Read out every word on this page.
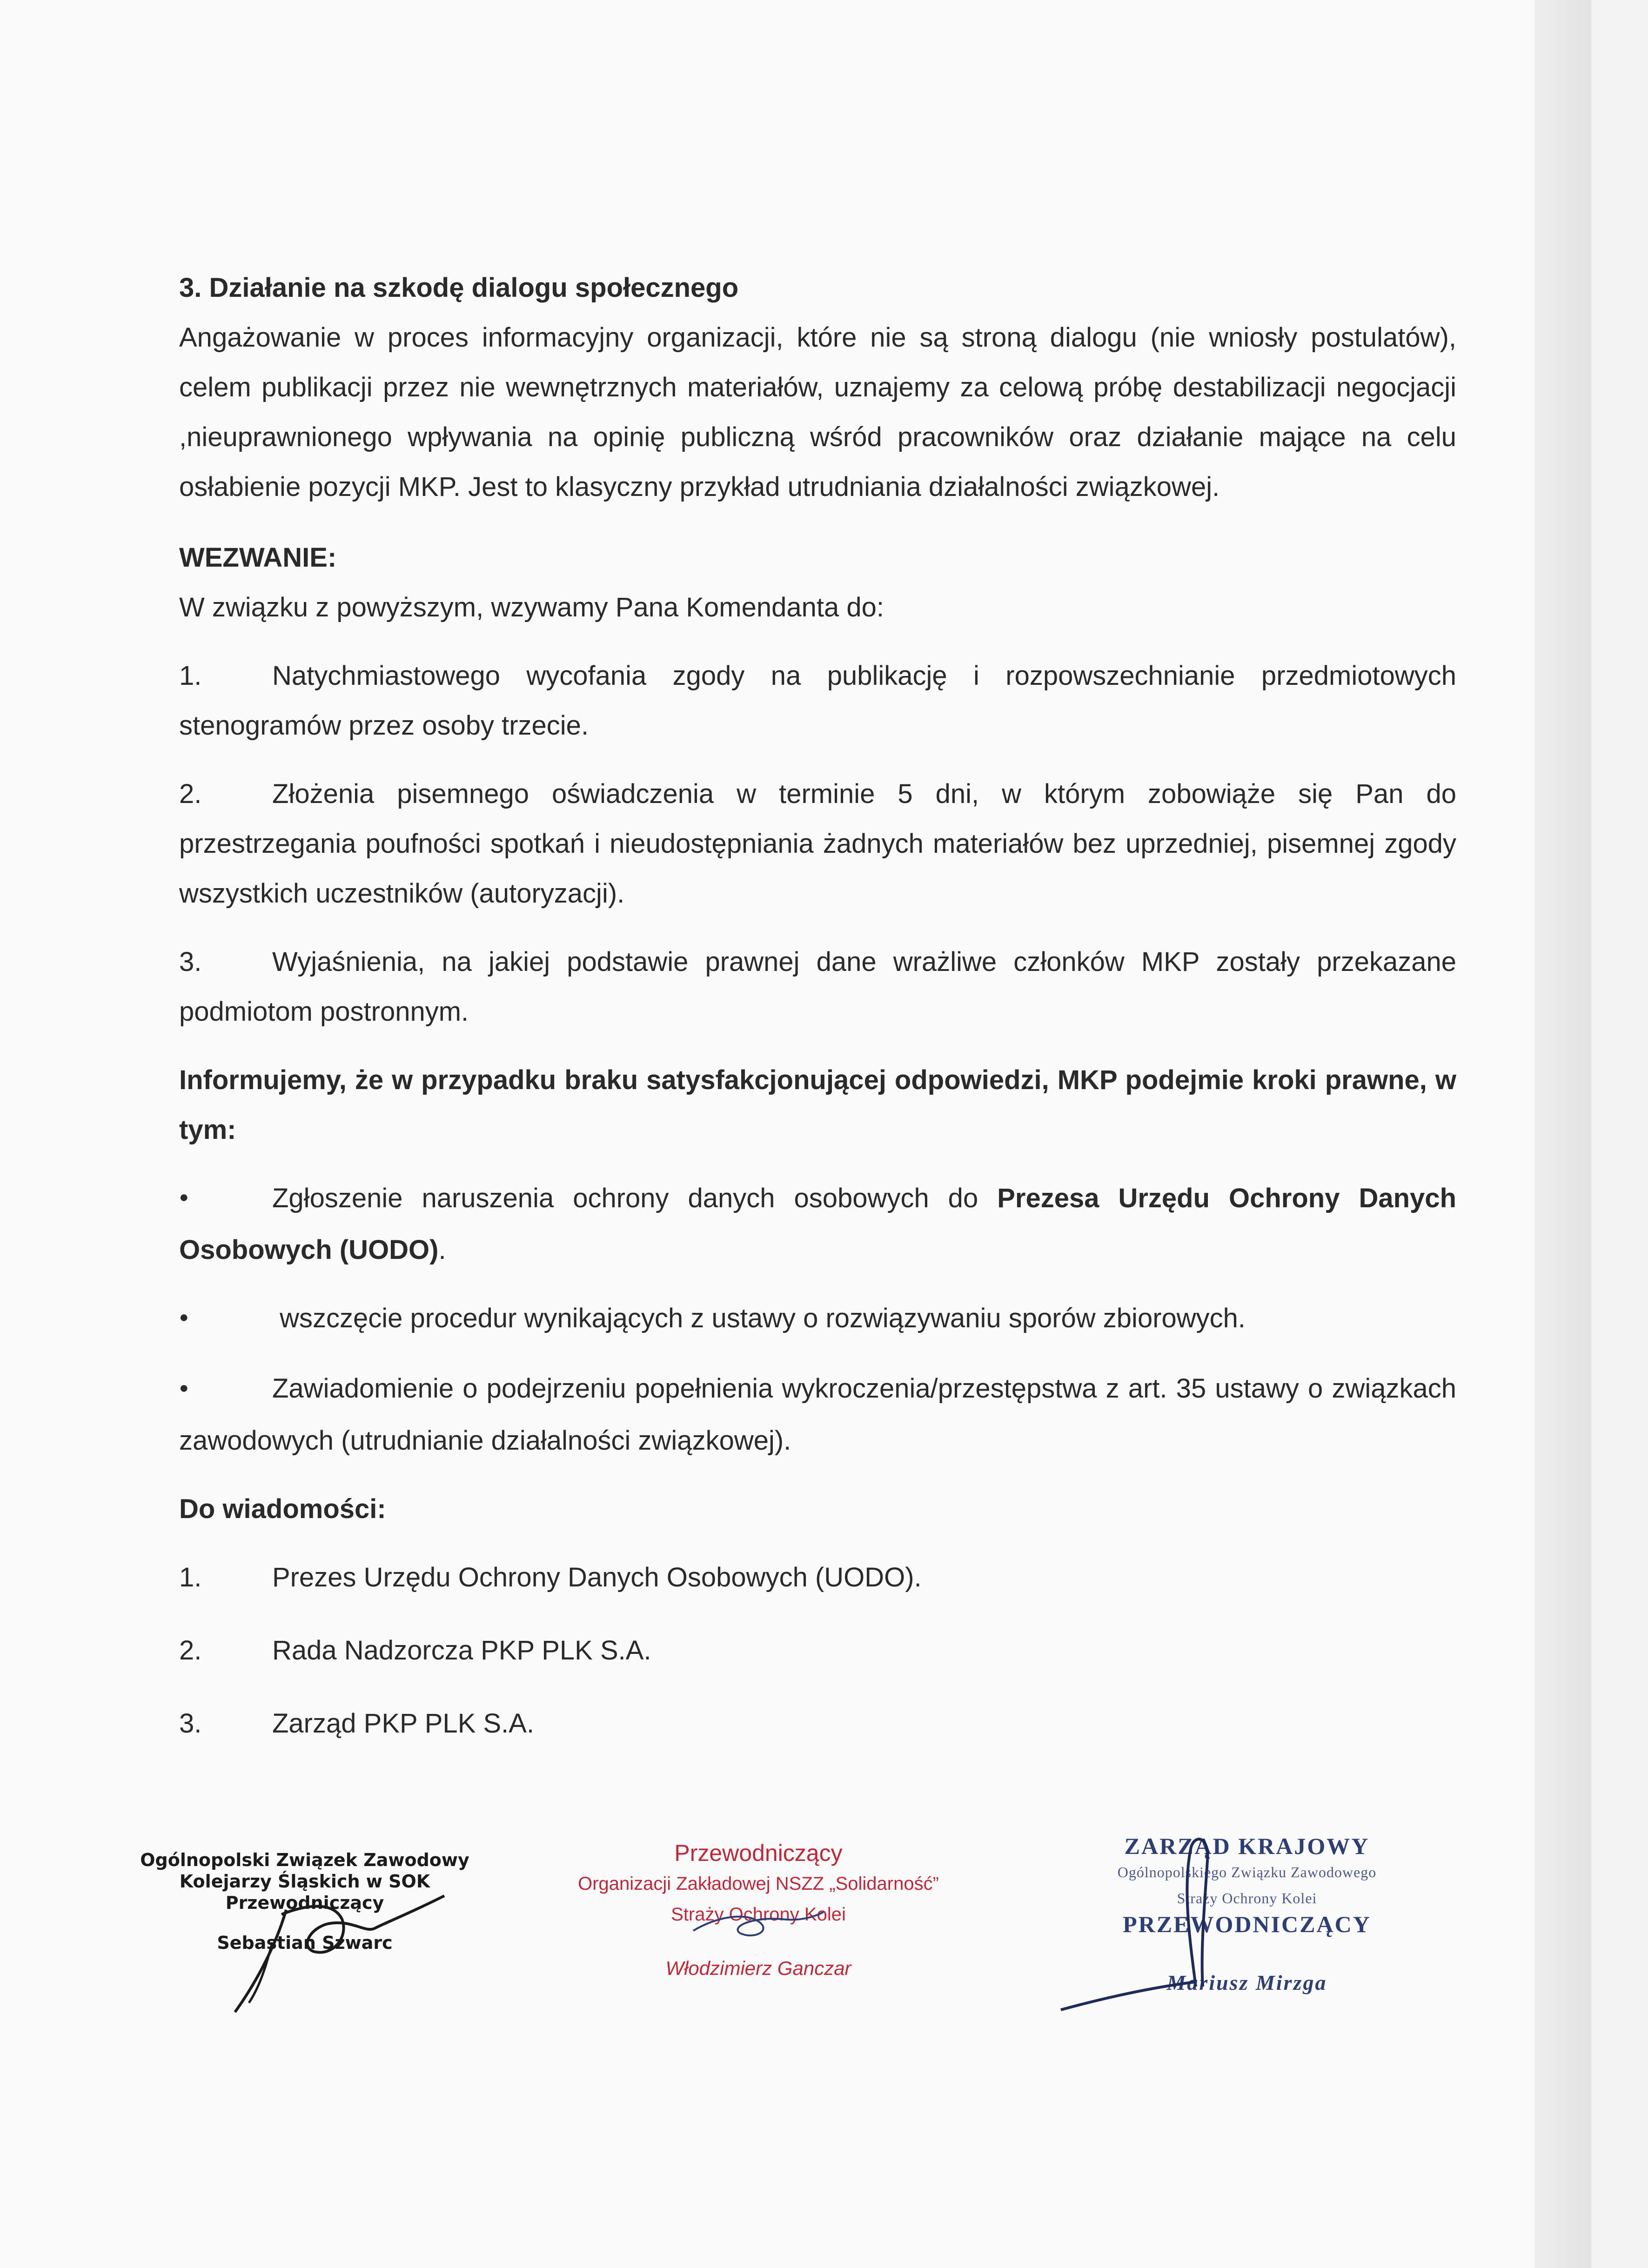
3. Działanie na szkodę dialogu społecznego

Angażowanie w proces informacyjny organizacji, które nie są stroną dialogu (nie wniosły postulatów), celem publikacji przez nie wewnętrznych materiałów, uznajemy za celową próbę destabilizacji negocjacji ,nieuprawnionego wpływania na opinię publiczną wśród pracowników oraz działanie mające na celu osłabienie pozycji MKP. Jest to klasyczny przykład utrudniania działalności związkowej.

WEZWANIE:

W związku z powyższym, wzywamy Pana Komendanta do:

1.	Natychmiastowego wycofania zgody na publikację i rozpowszechnianie przedmiotowych stenogramów przez osoby trzecie.

2.	Złożenia pisemnego oświadczenia w terminie 5 dni, w którym zobowiąże się Pan do przestrzegania poufności spotkań i nieudostępniania żadnych materiałów bez uprzedniej, pisemnej zgody wszystkich uczestników (autoryzacji).

3.	Wyjaśnienia, na jakiej podstawie prawnej dane wrażliwe członków MKP zostały przekazane podmiotom postronnym.

Informujemy, że w przypadku braku satysfakcjonującej odpowiedzi, MKP podejmie kroki prawne, w tym:

●	Zgłoszenie naruszenia ochrony danych osobowych do Prezesa Urzędu Ochrony Danych Osobowych (UODO).

●	wszczęcie procedur wynikających z ustawy o rozwiązywaniu sporów zbiorowych.

●	Zawiadomienie o podejrzeniu popełnienia wykroczenia/przestępstwa z art. 35 ustawy o związkach zawodowych (utrudnianie działalności związkowej).

Do wiadomości:

1.	Prezes Urzędu Ochrony Danych Osobowych (UODO).

2.	Rada Nadzorcza PKP PLK S.A.

3.	Zarząd PKP PLK S.A.

Ogólnopolski Związek Zawodowy
Kolejarzy Śląskich w SOK
Przewodniczący
Sebastian Szwarc
Przewodniczący
Organizacji Zakładowej NSZZ „Solidarność”
Straży Ochrony Kolei
Włodzimierz Ganczar
ZARZĄD KRAJOWY
Ogólnopolskiego Związku Zawodowego
Straży Ochrony Kolei
PRZEWODNICZĄCY
Mariusz Mirzga
